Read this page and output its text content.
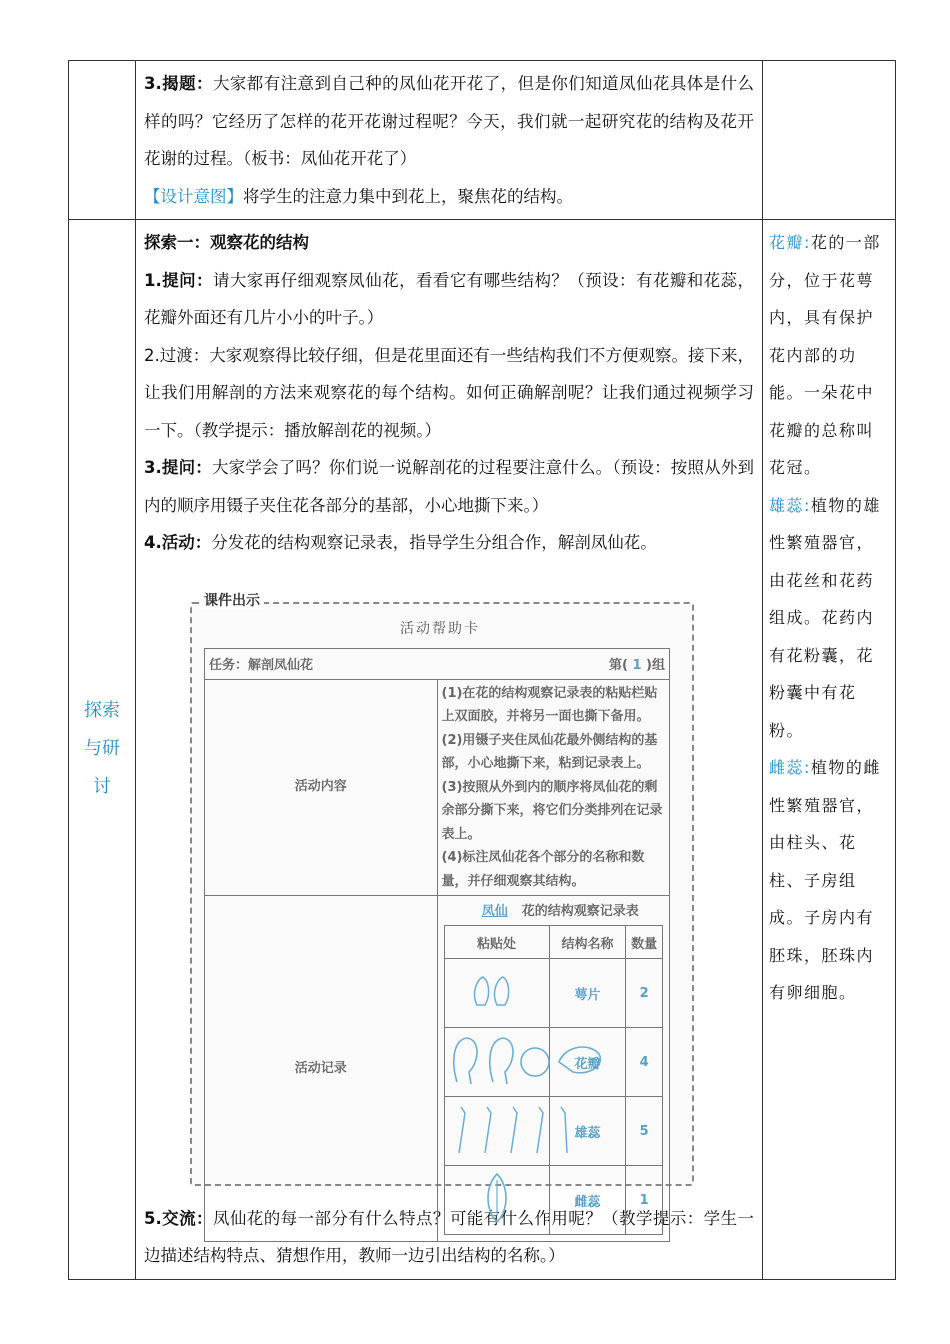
3.揭题：大家都有注意到自己种的凤仙花开花了，但是你们知道凤仙花具体是什么样的吗？它经历了怎样的花开花谢过程呢？今天，我们就一起研究花的结构及花开花谢的过程。（板书：凤仙花开花了）

【设计意图】将学生的注意力集中到花上，聚焦花的结构。

探索与研讨	

探索一：观察花的结构

1.提问：请大家再仔细观察凤仙花，看看它有哪些结构？（预设：有花瓣和花蕊，花瓣外面还有几片小小的叶子。）

2.过渡：大家观察得比较仔细，但是花里面还有一些结构我们不方便观察。接下来，让我们用解剖的方法来观察花的每个结构。如何正确解剖呢？让我们通过视频学习一下。（教学提示：播放解剖花的视频。）

3.提问：大家学会了吗？你们说一说解剖花的过程要注意什么。（预设：按照从外到内的顺序用镊子夹住花各部分的基部，小心地撕下来。）

4.活动：分发花的结构观察记录表，指导学生分组合作，解剖凤仙花。

课件出示
活动帮助卡
任务：解剖凤仙花	第( 1 )组

活动内容	
(1)在花的结构观察记录表的粘贴栏贴上双面胶，并将另一面也撕下备用。
(2)用镊子夹住凤仙花最外侧结构的基部，小心地撕下来，粘到记录表上。
(3)按照从外到内的顺序将凤仙花的剩余部分撕下来，将它们分类排列在记录表上。
(4)标注凤仙花各个部分的名称和数量，并仔细观察其结构。

活动记录	
凤仙 花的结构观察记录表
粘贴处	结构名称	数量
	萼片	2
	花瓣	4
	雄蕊	5
	雌蕊	1

5.交流：凤仙花的每一部分有什么特点？可能有什么作用呢？（教学提示：学生一边描述结构特点、猜想作用，教师一边引出结构的名称。）

花瓣:花的一部分，位于花萼内，具有保护花内部的功能。一朵花中花瓣的总称叫花冠。

雄蕊:植物的雄性繁殖器官，由花丝和花药组成。花药内有花粉囊，花粉囊中有花粉。

雌蕊:植物的雌性繁殖器官，由柱头、花柱、子房组成。子房内有胚珠，胚珠内有卵细胞。
